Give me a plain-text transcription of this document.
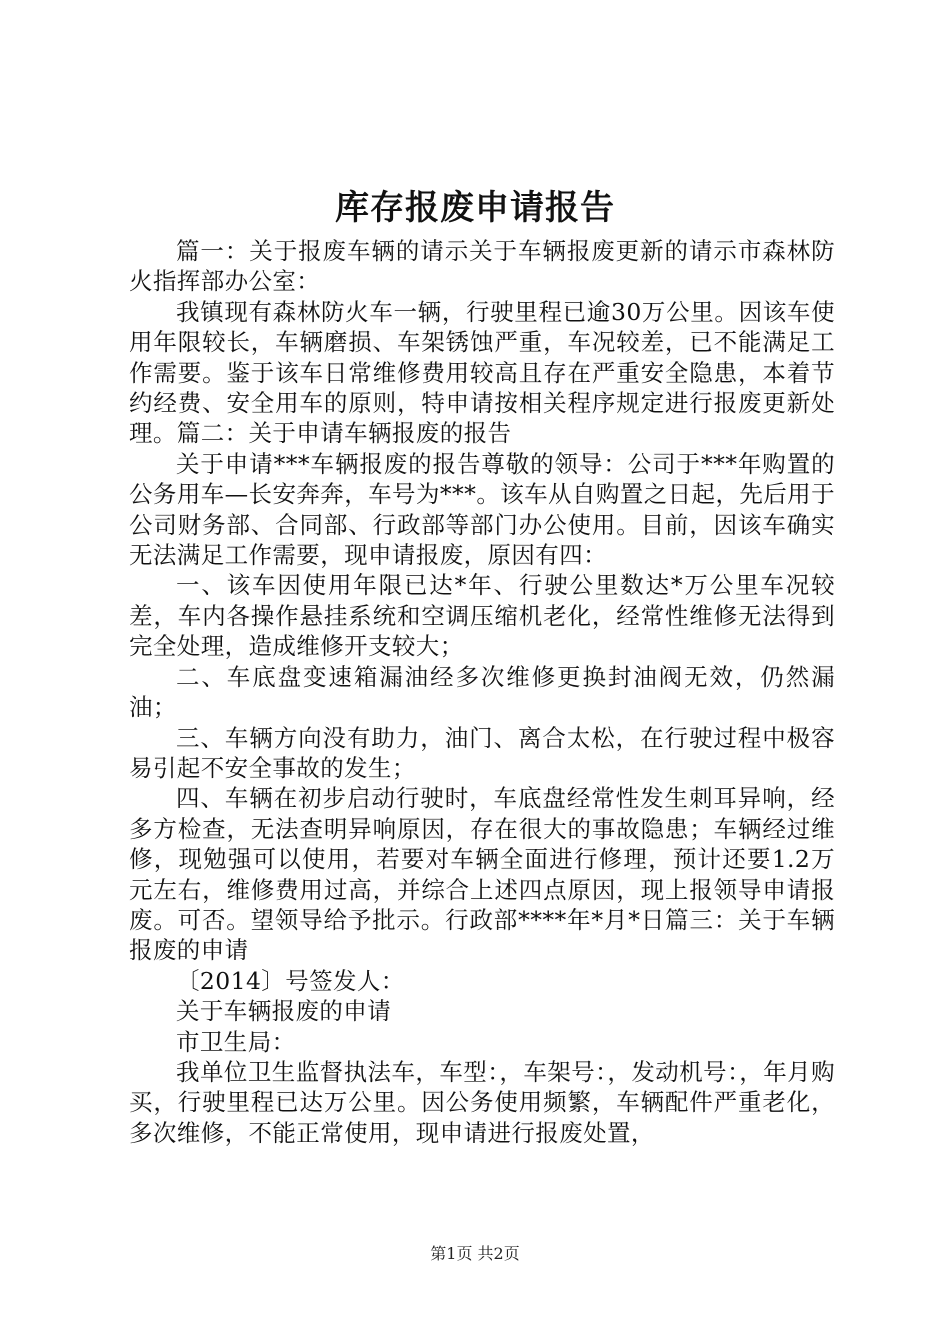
库存报废申请报告

篇一：关于报废车辆的请示关于车辆报废更新的请示市森林防火指挥部办公室：

我镇现有森林防火车一辆，行驶里程已逾30万公里。因该车使用年限较长，车辆磨损、车架锈蚀严重，车况较差，已不能满足工作需要。鉴于该车日常维修费用较高且存在严重安全隐患，本着节约经费、安全用车的原则，特申请按相关程序规定进行报废更新处理。篇二：关于申请车辆报废的报告

关于申请***车辆报废的报告尊敬的领导：公司于***年购置的公务用车—长安奔奔，车号为***。该车从自购置之日起，先后用于公司财务部、合同部、行政部等部门办公使用。目前，因该车确实无法满足工作需要，现申请报废，原因有四：

一、该车因使用年限已达*年、行驶公里数达*万公里车况较差，车内各操作悬挂系统和空调压缩机老化，经常性维修无法得到完全处理，造成维修开支较大；

二、车底盘变速箱漏油经多次维修更换封油阀无效，仍然漏油；

三、车辆方向没有助力，油门、离合太松，在行驶过程中极容易引起不安全事故的发生；

四、车辆在初步启动行驶时，车底盘经常性发生刺耳异响，经多方检查，无法查明异响原因，存在很大的事故隐患；车辆经过维修，现勉强可以使用，若要对车辆全面进行修理，预计还要1.2万元左右，维修费用过高，并综合上述四点原因，现上报领导申请报废。可否。望领导给予批示。行政部****年*月*日篇三：关于车辆报废的申请

〔2014〕号签发人：

关于车辆报废的申请

市卫生局：

我单位卫生监督执法车，车型：，车架号：，发动机号：，年月购买，行驶里程已达万公里。因公务使用频繁，车辆配件严重老化，多次维修，不能正常使用，现申请进行报废处置，

第1页 共2页
